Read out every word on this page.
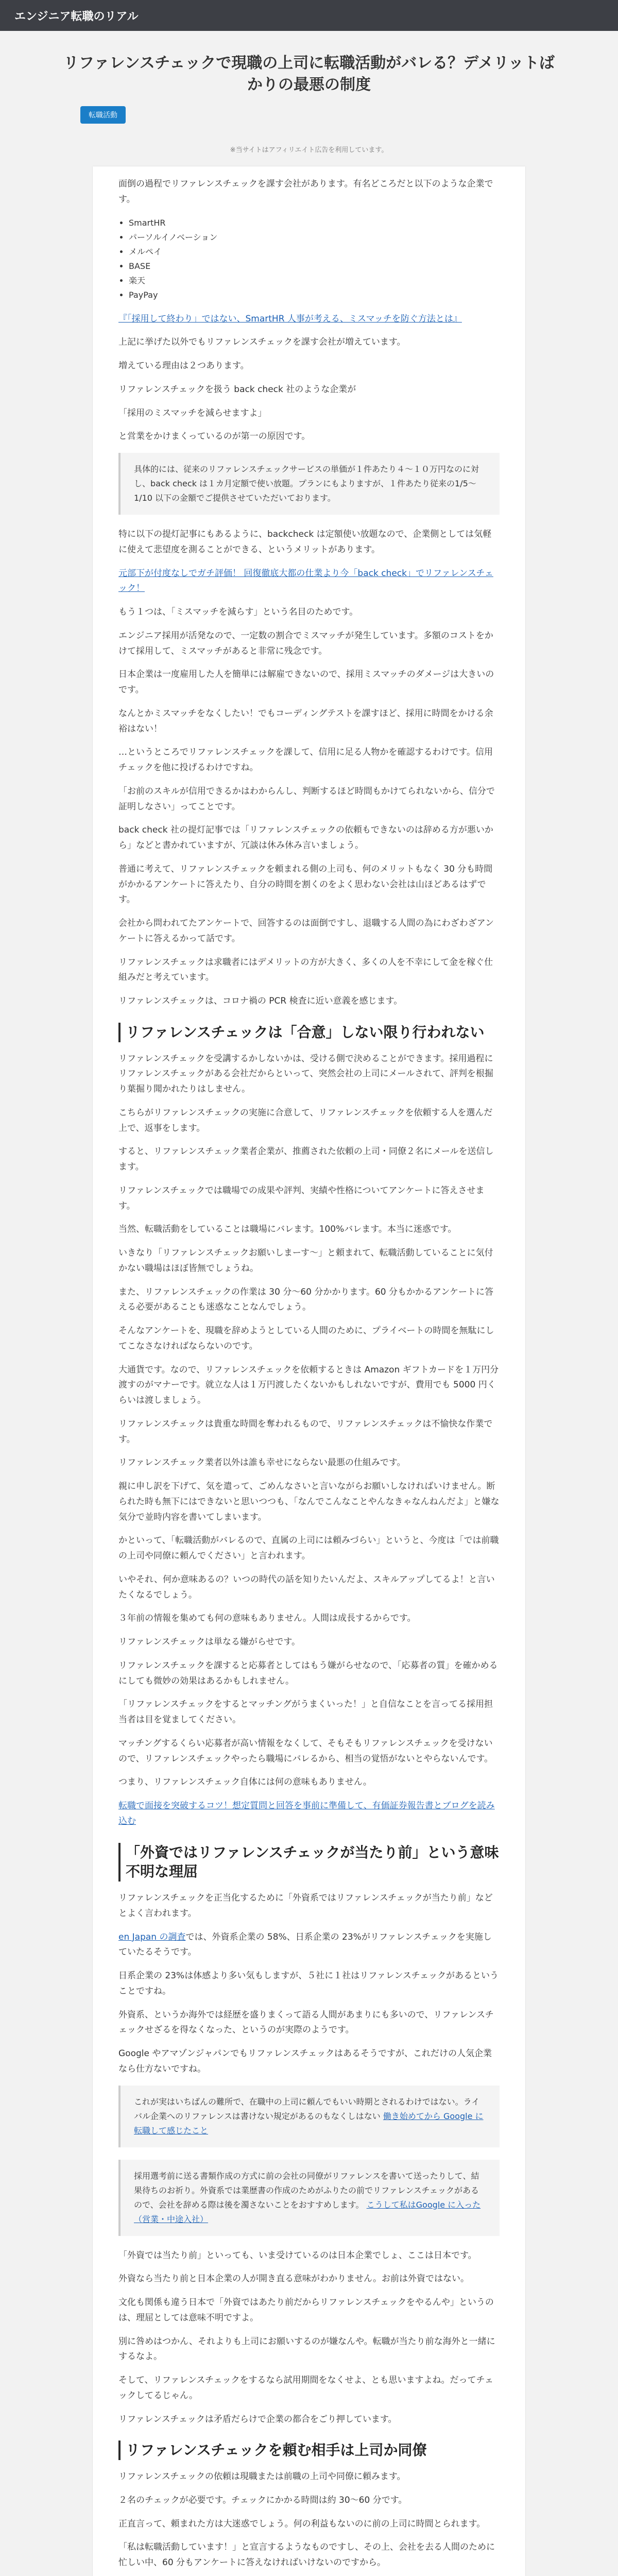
エンジニア転職のリアル
リファレンスチェックで現職の上司に転職活動がバレる？デメリットばかりの最悪の制度
転職活動
※当サイトはアフィリエイト広告を利用しています。

面倒の過程でリファレンスチェックを課す会社があります。有名どころだと以下のような企業です。

• SmartHR
• パーソルイノベーション
• メルペイ
• BASE
• 楽天
• PayPay

『「採用して終わり」ではない、SmartHR 人事が考える、ミスマッチを防ぐ方法とは』

上記に挙げた以外でもリファレンスチェックを課す会社が増えています。

増えている理由は２つあります。

リファレンスチェックを扱う back check 社のような企業が

「採用のミスマッチを減らせますよ」

と営業をかけまくっているのが第一の原因です。

具体的には、従来のリファレンスチェックサービスの単価が１件あたり４〜１０万円なのに対し、back check は１カ月定額で使い放題。プランにもよりますが、１件あたり従来の1/5〜1/10 以下の金額でご提供させていただいております。

特に以下の提灯記事にもあるように、backcheck は定額使い放題なので、企業側としては気軽に使えて悲望度を測ることができる、というメリットがあります。

元部下が付度なしでガチ評価！ 回復徹底大都の仕業より今「back check」でリファレンスチェック！

もう１つは、「ミスマッチを減らす」という名目のためです。

エンジニア採用が活発なので、一定数の割合でミスマッチが発生しています。多額のコストをかけて採用して、ミスマッチがあると非常に残念です。

日本企業は一度雇用した人を簡単には解雇できないので、採用ミスマッチのダメージは大きいのです。

なんとかミスマッチをなくしたい！でもコーディングテストを課すほど、採用に時間をかける余裕はない！

…というところでリファレンスチェックを課して、信用に足る人物かを確認するわけです。信用チェックを他に投げるわけですね。

「お前のスキルが信用できるかはわからんし、判断するほど時間もかけてられないから、信分で証明しなさい」ってことです。

back check 社の提灯記事では「リファレンスチェックの依頼もできないのは辞める方が悪いから」などと書かれていますが、冗談は休み休み言いましょう。

普通に考えて、リファレンスチェックを頼まれる側の上司も、何のメリットもなく 30 分も時間がかかるアンケートに答えたり、自分の時間を割くのをよく思わない会社は山ほどあるはずです。

会社から問われてたアンケートで、回答するのは面倒ですし、退職する人間の為にわざわざアンケートに答えるかって話です。

リファレンスチェックは求職者にはデメリットの方が大きく、多くの人を不幸にして金を稼ぐ仕組みだと考えています。

リファレンスチェックは、コロナ禍の PCR 検査に近い意義を感じます。

リファレンスチェックは「合意」しない限り行われない

リファレンスチェックを受講するかしないかは、受ける側で決めることができます。採用過程にリファレンスチェックがある会社だからといって、突然会社の上司にメールされて、評判を根掘り葉掘り聞かれたりはしません。

こちらがリファレンスチェックの実施に合意して、リファレンスチェックを依頼する人を選んだ上で、返事をします。

すると、リファレンスチェック業者企業が、推薦された依頼の上司・同僚２名にメールを送信します。

リファレンスチェックでは職場での成果や評判、実績や性格についてアンケートに答えさせます。

当然、転職活動をしていることは職場にバレます。100%バレます。本当に迷惑です。

いきなり「リファレンスチェックお願いしまーす〜」と頼まれて、転職活動していることに気付かない職場はほぼ皆無でしょうね。

また、リファレンスチェックの作業は 30 分〜60 分かかります。60 分もかかるアンケートに答える必要があることも迷惑なことなんでしょう。

そんなアンケートを、現職を辞めようとしている人間のために、プライベートの時間を無駄にしてこなさなければならないのです。

大通貨です。なので、リファレンスチェックを依頼するときは Amazon ギフトカードを１万円分渡すのがマナーです。就立な人は１万円渡したくないかもしれないですが、費用でも 5000 円くらいは渡しましょう。

リファレンスチェックは貴重な時間を奪われるもので、リファレンスチェックは不愉快な作業です。

リファレンスチェック業者以外は誰も幸せにならない最悪の仕組みです。

親に申し訳を下げて、気を遣って、ごめんなさいと言いながらお願いしなければいけません。断られた時も無下にはできないと思いつつも、「なんでこんなことやんなきゃなんねんだよ」と嫌な気分で並時内容を書いてしまいます。

かといって、「転職活動がバレるので、直属の上司には頼みづらい」というと、今度は「では前職の上司や同僚に頼んでください」と言われます。

いやそれ、何か意味あるの？いつの時代の話を知りたいんだよ、スキルアップしてるよ！と言いたくなるでしょう。

３年前の情報を集めても何の意味もありません。人間は成長するからです。

リファレンスチェックは単なる嫌がらせです。

リファレンスチェックを課すると応募者としてはもう嫌がらせなので、「応募者の質」を確かめるにしても微妙の効果はあるかもしれません。

「リファレンスチェックをするとマッチングがうまくいった！」と自信なことを言ってる採用担当者は目を覚ましてください。

マッチングするくらい応募者が高い情報をなくして、そもそもリファレンスチェックを受けないので、リファレンスチェックやったら職場にバレるから、相当の覚悟がないとやらないんです。

つまり、リファレンスチェック自体には何の意味もありません。

転職で面接を突破するコツ！想定質問と回答を事前に準備して、有価証券報告書とブログを読み込む

「外資ではリファレンスチェックが当たり前」という意味不明な理屈

リファレンスチェックを正当化するために「外資系ではリファレンスチェックが当たり前」などとよく言われます。

en Japan の調査では、外資系企業の 58%、日系企業の 23%がリファレンスチェックを実施していたるそうです。

日系企業の 23%は体感より多い気もしますが、５社に１社はリファレンスチェックがあるということですね。

外資系、というか海外では経歴を盛りまくって語る人間があまりにも多いので、リファレンスチェックせざるを得なくなった、というのが実際のようです。

Google やアマゾンジャパンでもリファレンスチェックはあるそうですが、これだけの人気企業なら仕方ないですね。

これが実はいちばんの難所で、在職中の上司に頼んでもいい時期とされるわけではない。ライバル企業へのリファレンスは書けない規定があるのもなくしはない 働き始めてから Google に転職して感じたこと

採用選考前に送る書類作成の方式に前の会社の同僚がリファレンスを書いて送ったりして、結果待ちのお祈り。外資系では業歴書の作成のためがふりたの前でリファレンスチェックがあるので、会社を辞める際は後を濁さないことをおすすめします。 こうして私はGoogle に入った（営業・中途入社）

「外資では当たり前」といっても、いま受けているのは日本企業でしょ、ここは日本です。

外資なら当たり前と日本企業の人が開き直る意味がわかりません。お前は外資ではない。

文化も関係も違う日本で「外資ではあたり前だからリファレンスチェックをやるんや」というのは、理屈としては意味不明ですよ。

別に咎めはつかん、それよりも上司にお願いするのが嫌なんや。転職が当たり前な海外と一緒にするなよ。

そして、リファレンスチェックをするなら試用期間をなくせよ、とも思いますよね。だってチェックしてるじゃん。

リファレンスチェックは矛盾だらけで企業の都合をごり押しています。

リファレンスチェックを頼む相手は上司か同僚

リファレンスチェックの依頼は現職または前職の上司や同僚に頼みます。

２名のチェックが必要です。チェックにかかる時間は約 30〜60 分です。

正直言って、頼まれた方は大迷惑でしょう。何の利益もないのに前の上司に時間とられます。

「私は転職活動しています！」と宣言するようなものですし、その上、会社を去る人間のために忙しい中、60 分もアンケートに答えなければいけないのですから。
